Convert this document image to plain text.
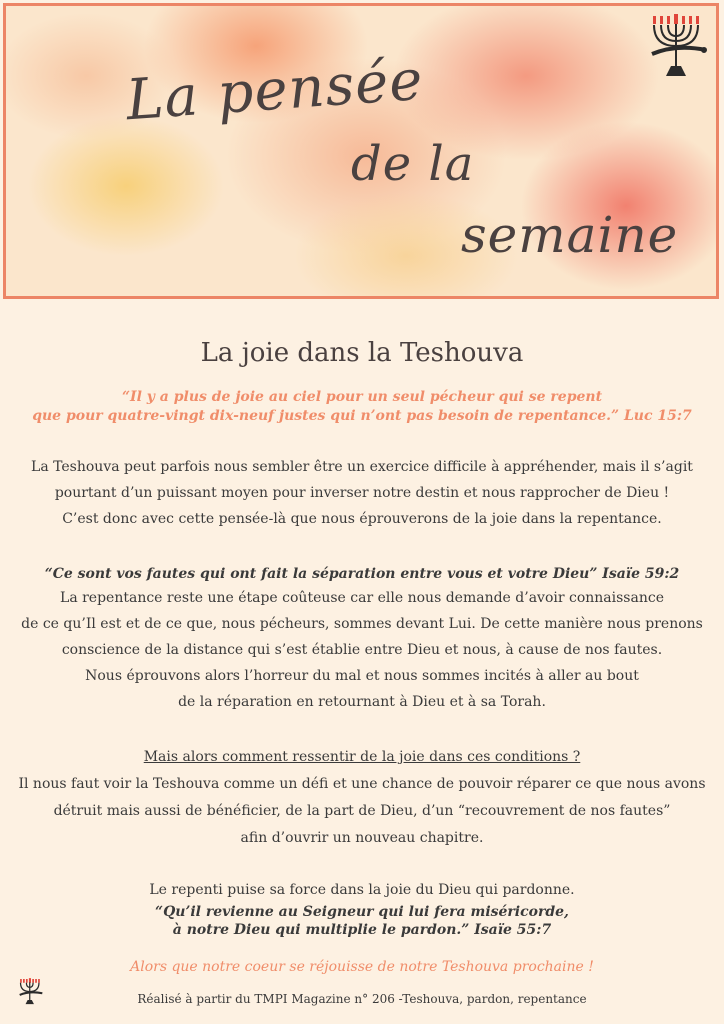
La pensée
de la
semaine
La joie dans la Teshouva
“Il y a plus de joie au ciel pour un seul pécheur qui se repent
que pour quatre-vingt dix-neuf justes qui n’ont pas besoin de repentance.” Luc 15:7
La Teshouva peut parfois nous sembler être un exercice difficile à appréhender, mais il s’agit
pourtant d’un puissant moyen pour inverser notre destin et nous rapprocher de Dieu !
C’est donc avec cette pensée-là que nous éprouverons de la joie dans la repentance.
“Ce sont vos fautes qui ont fait la séparation entre vous et votre Dieu” Isaïe 59:2
La repentance reste une étape coûteuse car elle nous demande d’avoir connaissance
de ce qu’Il est et de ce que, nous pécheurs, sommes devant Lui. De cette manière nous prenons
conscience de la distance qui s’est établie entre Dieu et nous, à cause de nos fautes.
Nous éprouvons alors l’horreur du mal et nous sommes incités à aller au bout
de la réparation en retournant à Dieu et à sa Torah.
Mais alors comment ressentir de la joie dans ces conditions ?
Il nous faut voir la Teshouva comme un défi et une chance de pouvoir réparer ce que nous avons
détruit mais aussi de bénéficier, de la part de Dieu, d’un “recouvrement de nos fautes”
afin d’ouvrir un nouveau chapitre.
Le repenti puise sa force dans la joie du Dieu qui pardonne.
“Qu’il revienne au Seigneur qui lui fera miséricorde,
à notre Dieu qui multiplie le pardon.” Isaïe 55:7
Alors que notre coeur se réjouisse de notre Teshouva prochaine !
Réalisé à partir du TMPI Magazine n° 206 -Teshouva, pardon, repentance
